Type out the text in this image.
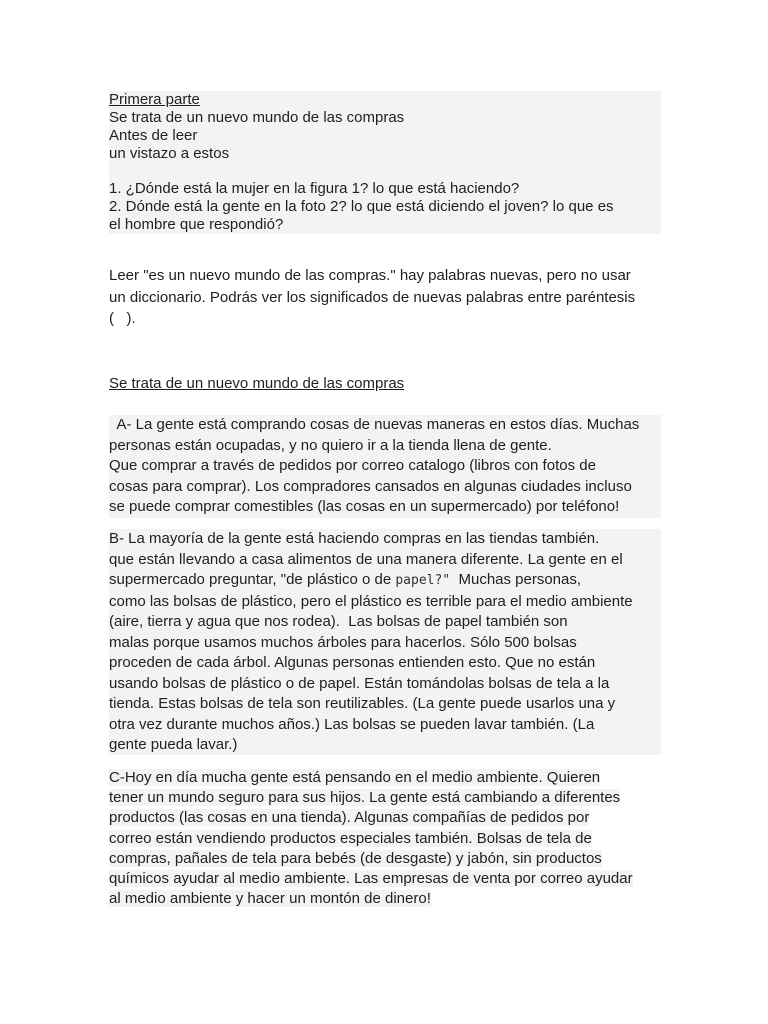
Primera parte
Se trata de un nuevo mundo de las compras
Antes de leer
un vistazo a estos
1. ¿Dónde está la mujer en la figura 1? lo que está haciendo?
2. Dónde está la gente en la foto 2? lo que está diciendo el joven? lo que es
el hombre que respondió?
Leer "es un nuevo mundo de las compras." hay palabras nuevas, pero no usar
un diccionario. Podrás ver los significados de nuevas palabras entre paréntesis
(   ).
Se trata de un nuevo mundo de las compras
A- La gente está comprando cosas de nuevas maneras en estos días. Muchas
personas están ocupadas, y no quiero ir a la tienda llena de gente.
Que comprar a través de pedidos por correo catalogo (libros con fotos de
cosas para comprar). Los compradores cansados en algunas ciudades incluso
se puede comprar comestibles (las cosas en un supermercado) por teléfono!
B- La mayoría de la gente está haciendo compras en las tiendas también.
que están llevando a casa alimentos de una manera diferente. La gente en el
supermercado preguntar, "de plástico o de papel?"  Muchas personas,
como las bolsas de plástico, pero el plástico es terrible para el medio ambiente
(aire, tierra y agua que nos rodea).  Las bolsas de papel también son
malas porque usamos muchos árboles para hacerlos. Sólo 500 bolsas
proceden de cada árbol. Algunas personas entienden esto. Que no están
usando bolsas de plástico o de papel. Están tomándolas bolsas de tela a la
tienda. Estas bolsas de tela son reutilizables. (La gente puede usarlos una y
otra vez durante muchos años.) Las bolsas se pueden lavar también. (La
gente pueda lavar.)
C-Hoy en día mucha gente está pensando en el medio ambiente. Quieren
tener un mundo seguro para sus hijos. La gente está cambiando a diferentes
productos (las cosas en una tienda). Algunas compañías de pedidos por
correo están vendiendo productos especiales también. Bolsas de tela de
compras, pañales de tela para bebés (de desgaste) y jabón, sin productos
químicos ayudar al medio ambiente. Las empresas de venta por correo ayudar
al medio ambiente y hacer un montón de dinero!
